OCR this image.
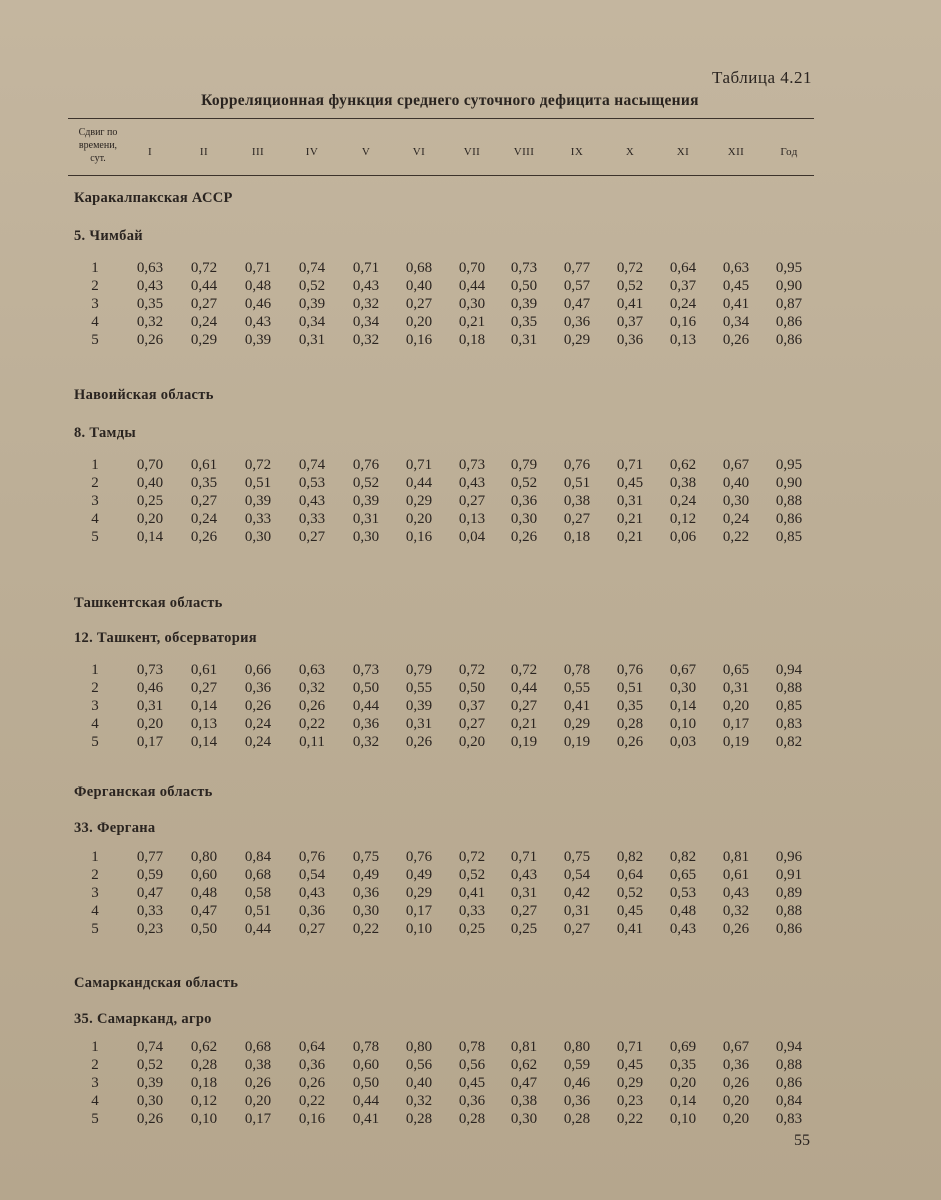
Таблица 4.21
Корреляционная функция среднего суточного дефицита насыщения
Сдвиг по
времени,
сут.
I	II	III	IV	V	VI	VII	VIII	IX	X	XI	XII	Год
Каракалпакская АССР
5. Чимбай
1	0,63	0,72	0,71	0,74	0,71	0,68	0,70	0,73	0,77	0,72	0,64	0,63	0,95
2	0,43	0,44	0,48	0,52	0,43	0,40	0,44	0,50	0,57	0,52	0,37	0,45	0,90
3	0,35	0,27	0,46	0,39	0,32	0,27	0,30	0,39	0,47	0,41	0,24	0,41	0,87
4	0,32	0,24	0,43	0,34	0,34	0,20	0,21	0,35	0,36	0,37	0,16	0,34	0,86
5	0,26	0,29	0,39	0,31	0,32	0,16	0,18	0,31	0,29	0,36	0,13	0,26	0,86
Навоийская область
8. Тамды
1	0,70	0,61	0,72	0,74	0,76	0,71	0,73	0,79	0,76	0,71	0,62	0,67	0,95
2	0,40	0,35	0,51	0,53	0,52	0,44	0,43	0,52	0,51	0,45	0,38	0,40	0,90
3	0,25	0,27	0,39	0,43	0,39	0,29	0,27	0,36	0,38	0,31	0,24	0,30	0,88
4	0,20	0,24	0,33	0,33	0,31	0,20	0,13	0,30	0,27	0,21	0,12	0,24	0,86
5	0,14	0,26	0,30	0,27	0,30	0,16	0,04	0,26	0,18	0,21	0,06	0,22	0,85
Ташкентская область
12. Ташкент, обсерватория
1	0,73	0,61	0,66	0,63	0,73	0,79	0,72	0,72	0,78	0,76	0,67	0,65	0,94
2	0,46	0,27	0,36	0,32	0,50	0,55	0,50	0,44	0,55	0,51	0,30	0,31	0,88
3	0,31	0,14	0,26	0,26	0,44	0,39	0,37	0,27	0,41	0,35	0,14	0,20	0,85
4	0,20	0,13	0,24	0,22	0,36	0,31	0,27	0,21	0,29	0,28	0,10	0,17	0,83
5	0,17	0,14	0,24	0,11	0,32	0,26	0,20	0,19	0,19	0,26	0,03	0,19	0,82
Ферганская область
33. Фергана
1	0,77	0,80	0,84	0,76	0,75	0,76	0,72	0,71	0,75	0,82	0,82	0,81	0,96
2	0,59	0,60	0,68	0,54	0,49	0,49	0,52	0,43	0,54	0,64	0,65	0,61	0,91
3	0,47	0,48	0,58	0,43	0,36	0,29	0,41	0,31	0,42	0,52	0,53	0,43	0,89
4	0,33	0,47	0,51	0,36	0,30	0,17	0,33	0,27	0,31	0,45	0,48	0,32	0,88
5	0,23	0,50	0,44	0,27	0,22	0,10	0,25	0,25	0,27	0,41	0,43	0,26	0,86
Самаркандская область
35. Самарканд, агро
1	0,74	0,62	0,68	0,64	0,78	0,80	0,78	0,81	0,80	0,71	0,69	0,67	0,94
2	0,52	0,28	0,38	0,36	0,60	0,56	0,56	0,62	0,59	0,45	0,35	0,36	0,88
3	0,39	0,18	0,26	0,26	0,50	0,40	0,45	0,47	0,46	0,29	0,20	0,26	0,86
4	0,30	0,12	0,20	0,22	0,44	0,32	0,36	0,38	0,36	0,23	0,14	0,20	0,84
5	0,26	0,10	0,17	0,16	0,41	0,28	0,28	0,30	0,28	0,22	0,10	0,20	0,83
55
